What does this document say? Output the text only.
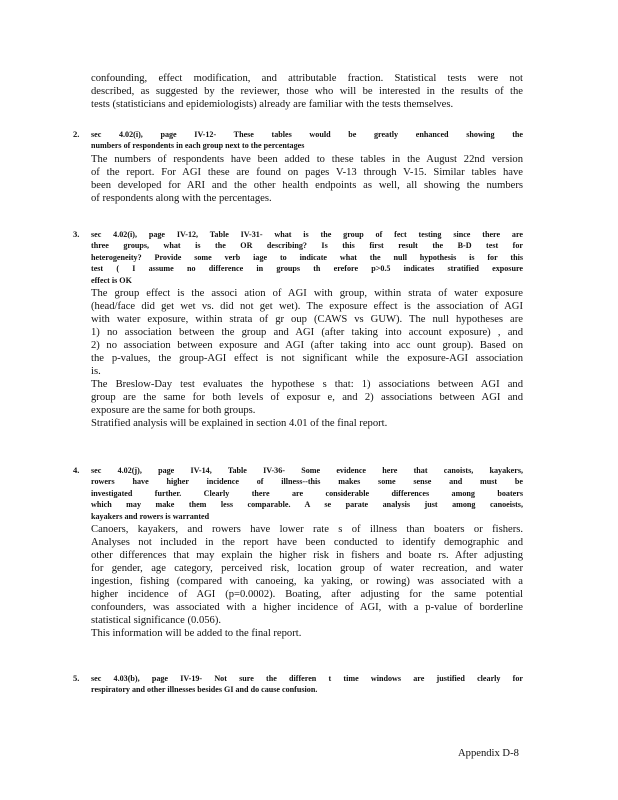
confounding, effect modification, and attributable fraction. Statistical tests were not
described, as suggested by the reviewer, those who will be interested in the results of the
tests (statisticians and epidemiologists) already are familiar with the tests themselves.
2. sec 4.02(i), page IV-12- These tables would be greatly enhanced showing the
numbers of respondents in each group next to the percentages

The numbers of respondents have been added to these tables in the August 22nd version
of the report. For AGI these are found on pages V-13 through V-15. Similar tables have
been developed for ARI and the other health endpoints as well, all showing the numbers
of respondents along with the percentages.

3. sec 4.02(i), page IV-12, Table IV-31- what is the group of fect testing since there are
three groups, what is the OR describing? Is this first result the B-D test for
heterogeneity? Provide some verb iage to indicate what the null hypothesis is for this
test ( I assume no difference in groups th erefore p>0.5 indicates stratified exposure
effect is OK

The group effect is the associ ation of AGI with group, within strata of water exposure
(head/face did get wet vs. did not get wet). The exposure effect is the association of AGI
with water exposure, within strata of gr oup (CAWS vs GUW). The null hypotheses are
1) no association between the group and AGI (after taking into account exposure) , and
2) no association between exposure and AGI (after taking into acc ount group). Based on
the p-values, the group-AGI effect is not significant while the exposure-AGI association
is.

The Breslow-Day test evaluates the hypothese s that: 1) associations between AGI and
group are the same for both levels of exposur e, and 2) associations between AGI and
exposure are the same for both groups.
Stratified analysis will be explained in section 4.01 of the final report.

4. sec 4.02(j), page IV-14, Table IV-36- Some evidence here that canoists, kayakers,
rowers have higher incidence of illness--this makes some sense and must be
investigated further. Clearly there are considerable differences among boaters
which may make them less comparable. A se parate analysis just among canoeists,
kayakers and rowers is warranted

Canoers, kayakers, and rowers have lower rate s of illness than boaters or fishers.
Analyses not included in the report have been conducted to identify demographic and
other differences that may explain the higher risk in fishers and boate rs. After adjusting
for gender, age category, perceived risk, location group of water recreation, and water
ingestion, fishing (compared with canoeing, ka yaking, or rowing) was associated with a
higher incidence of AGI (p=0.0002). Boating, after adjusting for the same potential
confounders, was associated with a higher incidence of AGI, with a p-value of borderline
statistical significance (0.056).
This information will be added to the final report.

5. sec 4.03(b), page IV-19- Not sure the differen t time windows are justified clearly for
respiratory and other illnesses besides GI and do cause confusion.
Appendix D-8
